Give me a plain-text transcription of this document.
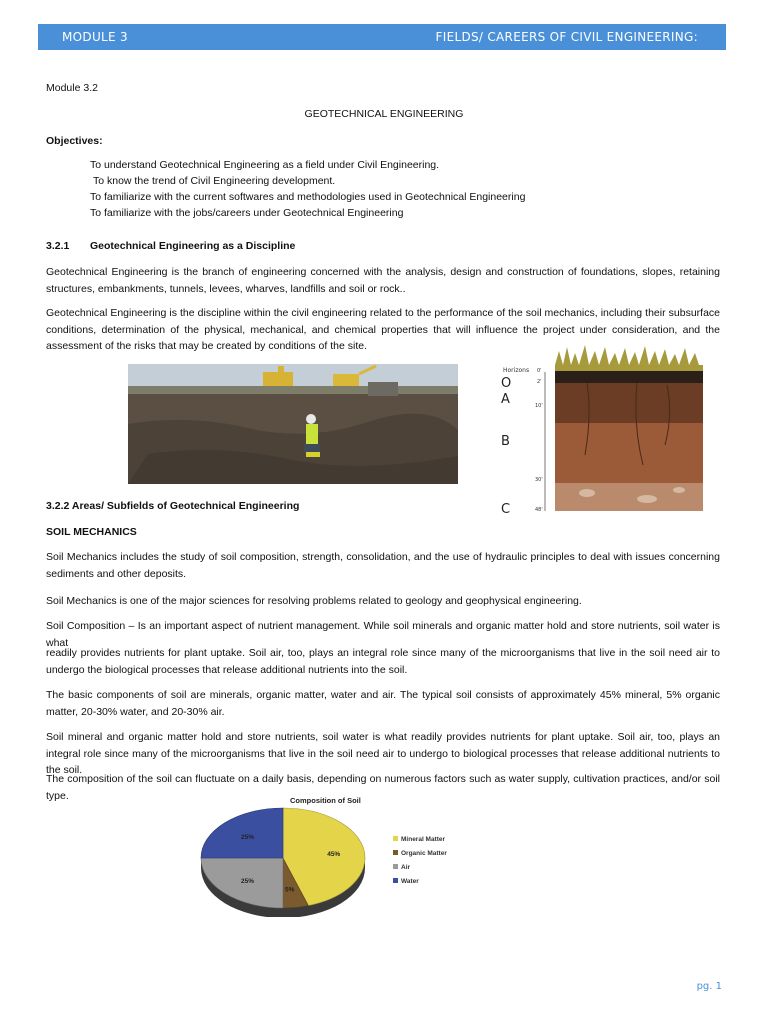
MODULE 3	FIELDS/ CAREERS OF CIVIL ENGINEERING:
Module 3.2
GEOTECHNICAL ENGINEERING
Objectives:
To understand Geotechnical Engineering as a field under Civil Engineering.
To know the trend of Civil Engineering development.
To familiarize with the current softwares and methodologies used in Geotechnical Engineering
To familiarize with the jobs/careers under Geotechnical Engineering
3.2.1 Geotechnical Engineering as a Discipline

Geotechnical Engineering is the branch of engineering concerned with the analysis, design and construction of foundations, slopes, retaining structures, embankments, tunnels, levees, wharves, landfills and soil or rock..

Geotechnical Engineering is the discipline within the civil engineering related to the performance of the soil mechanics, including their subsurface conditions, determination of the physical, mechanical, and chemical properties that will influence the project under consideration, and the assessment of the risks that may be created by conditions of the site.

Horizons
O
A
B
C
0'
2'
10'
30'
48'
3.2.2 Areas/ Subfields of Geotechnical Engineering
SOIL MECHANICS

Soil Mechanics includes the study of soil composition, strength, consolidation, and the use of hydraulic principles to deal with issues concerning sediments and other deposits.

Soil Mechanics is one of the major sciences for resolving problems related to geology and geophysical engineering.

Soil Composition – Is an important aspect of nutrient management. While soil minerals and organic matter hold and store nutrients, soil water is what

readily provides nutrients for plant uptake. Soil air, too, plays an integral role since many of the microorganisms that live in the soil need air to undergo the biological processes that release additional nutrients into the soil.

The basic components of soil are minerals, organic matter, water and air. The typical soil consists of approximately 45% mineral, 5% organic matter, 20-30% water, and 20-30% air.

Soil mineral and organic matter hold and store nutrients, soil water is what readily provides nutrients for plant uptake. Soil air, too, plays an integral role since many of the microorganisms that live in the soil need air to undergo to biological processes that release additional nutrients to the soil.

The composition of the soil can fluctuate on a daily basis, depending on numerous factors such as water supply, cultivation practices, and/or soil type.	Composition of Soil
45%
5%
25%
25%	Mineral Matter
Organic Matter
Air
Water
pg. 1
